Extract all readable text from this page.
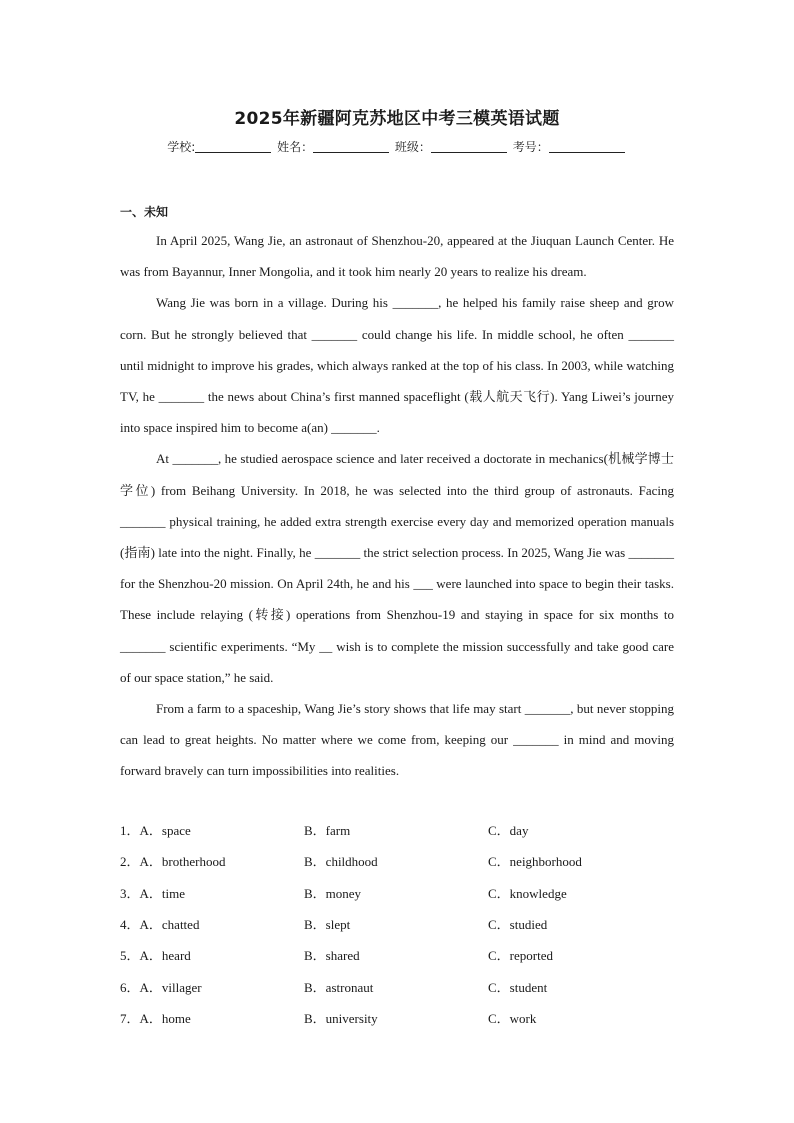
2025年新疆阿克苏地区中考三模英语试题
学校:	姓名：	班级：	考号：
一、未知

In April 2025, Wang Jie, an astronaut of Shenzhou-20, appeared at the Jiuquan Launch Center. He was from Bayannur, Inner Mongolia, and it took him nearly 20 years to realize his dream.

Wang Jie was born in a village. During his _______, he helped his family raise sheep and grow corn. But he strongly believed that _______ could change his life. In middle school, he often _______ until midnight to improve his grades, which always ranked at the top of his class. In 2003, while watching TV, he _______ the news about China’s first manned spaceflight (载人航天飞行). Yang Liwei’s journey into space inspired him to become a(an) _______.

At _______, he studied aerospace science and later received a doctorate in mechanics(机械学博士学位) from Beihang University. In 2018, he was selected into the third group of astronauts. Facing _______ physical training, he added extra strength exercise every day and memorized operation manuals (指南) late into the night. Finally, he _______ the strict selection process. In 2025, Wang Jie was _______ for the Shenzhou-20 mission. On April 24th, he and his ___ were launched into space to begin their tasks. These include relaying (转接) operations from Shenzhou-19 and staying in space for six months to _______ scientific experiments. “My __ wish is to complete the mission successfully and take good care of our space station,” he said.

From a farm to a spaceship, Wang Jie’s story shows that life may start _______, but never stopping can lead to great heights. No matter where we come from, keeping our _______ in mind and moving forward bravely can turn impossibilities into realities.

1．A．space	B．farm	C．day
2．A．brotherhood	B．childhood	C．neighborhood
3．A．time	B．money	C．knowledge
4．A．chatted	B．slept	C．studied
5．A．heard	B．shared	C．reported
6．A．villager	B．astronaut	C．student
7．A．home	B．university	C．work
